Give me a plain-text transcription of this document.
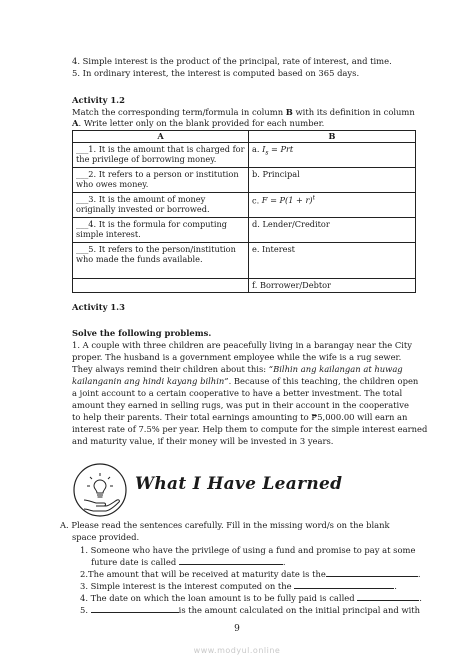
4. Simple interest is the product of the principal, rate of interest, and time.
5. In ordinary interest, the interest is computed based on 365 days.
Activity 1.2
Match the corresponding term/formula in column B with its definition in column
A. Write letter only on the blank provided for each number.
A	B
___1. It is the amount that is charged for the privilege of borrowing money.	a. $I_s$ = Prt
___2. It refers to a person or institution who owes money.	b. Principal
___3. It is the amount of money originally invested or borrowed.	c. $F = P(1 + r)^t$
___4. It is the formula for computing simple interest.	d. Lender/Creditor
___5. It refers to the person/institution who made the funds available.	e. Interest
	f. Borrower/Debtor
Activity 1.3
Solve the following problems.
1. A couple with three children are peacefully living in a barangay near the City
proper. The husband is a government employee while the wife is a rug sewer.
They always remind their children about this: “Bilhin ang kailangan at huwag
kailanganin ang hindi kayang bilhin”. Because of this teaching, the children open
a joint account to a certain cooperative to have a better investment. The total
amount they earned in selling rugs, was put in their account in the cooperative
to help their parents. Their total earnings amounting to ₱5,000.00 will earn an
interest rate of 7.5% per year. Help them to compute for the simple interest earned
and maturity value, if their money will be invested in 3 years.
What I Have Learned
A. Please read the sentences carefully. Fill in the missing word/s on the blank
space provided.
1. Someone who have the privilege of using a fund and promise to pay at some
future date is called	.
2.The amount that will be received at maturity date is the	.
3. Simple interest is the interest computed on the	.
4. The date on which the loan amount is to be fully paid is called	.
5.	is the amount calculated on the initial principal and with
9
www.modyul.online
